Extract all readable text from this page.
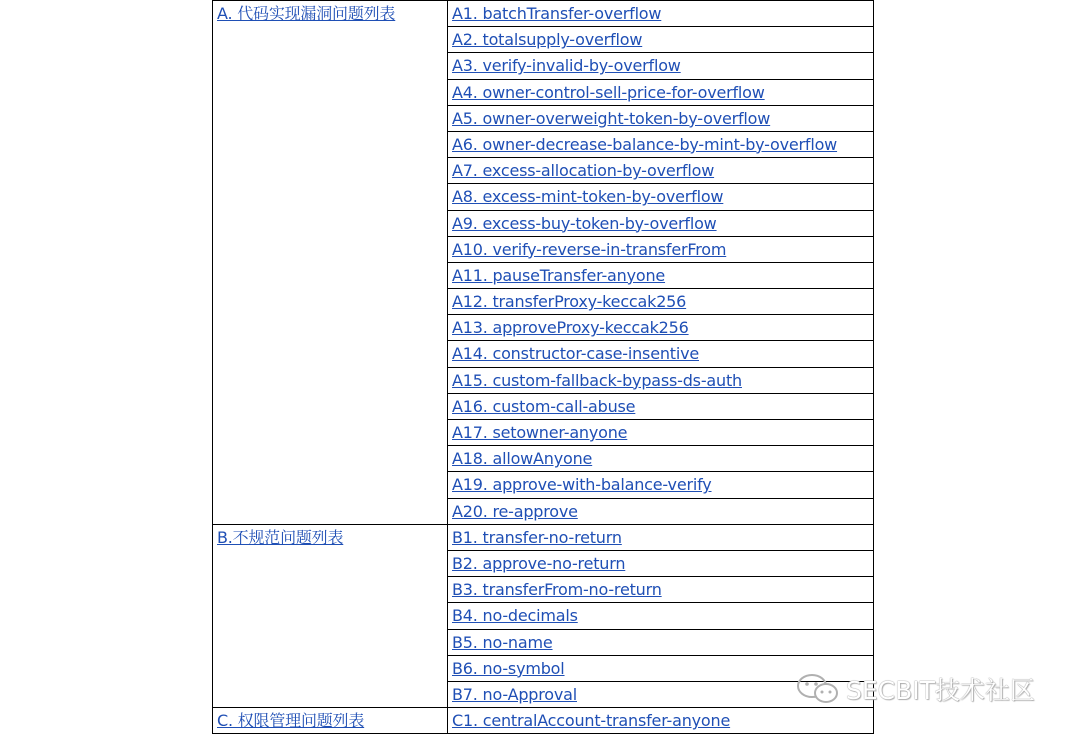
A. 代码实现漏洞问题列表	A1. batchTransfer-overflow
	A2. totalsupply-overflow
	A3. verify-invalid-by-overflow
	A4. owner-control-sell-price-for-overflow
	A5. owner-overweight-token-by-overflow
	A6. owner-decrease-balance-by-mint-by-overflow
	A7. excess-allocation-by-overflow
	A8. excess-mint-token-by-overflow
	A9. excess-buy-token-by-overflow
	A10. verify-reverse-in-transferFrom
	A11. pauseTransfer-anyone
	A12. transferProxy-keccak256
	A13. approveProxy-keccak256
	A14. constructor-case-insentive
	A15. custom-fallback-bypass-ds-auth
	A16. custom-call-abuse
	A17. setowner-anyone
	A18. allowAnyone
	A19. approve-with-balance-verify
	A20. re-approve
B.不规范问题列表	B1. transfer-no-return
	B2. approve-no-return
	B3. transferFrom-no-return
	B4. no-decimals
	B5. no-name
	B6. no-symbol
	B7. no-Approval
C. 权限管理问题列表	C1. centralAccount-transfer-anyone
SECBIT技术社区
